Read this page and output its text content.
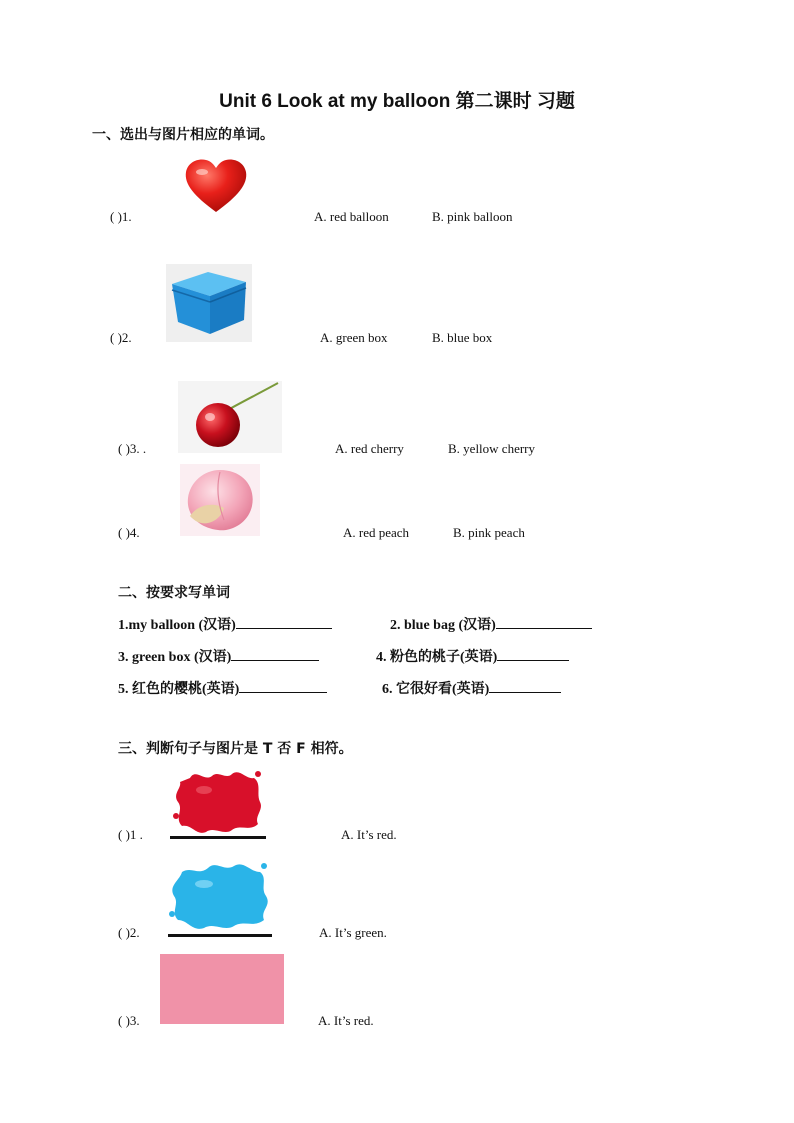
Unit 6 Look at my balloon 第二课时 习题
一、选出与图片相应的单词。
( )1.	A. red balloon	B. pink balloon
( )2.	A. green box	B. blue box
( )3. .	A. red cherry	B. yellow cherry
( )4.	A. red peach	B. pink peach
二、按要求写单词
1.my balloon (汉语)	2. blue bag (汉语)
3. green box (汉语)	4. 粉色的桃子(英语)
5. 红色的樱桃(英语)	6. 它很好看(英语)
三、判断句子与图片是 T 否 F 相符。
( )1 .	A. It’s red.
( )2.	A. It’s green.
( )3.	A. It’s red.
